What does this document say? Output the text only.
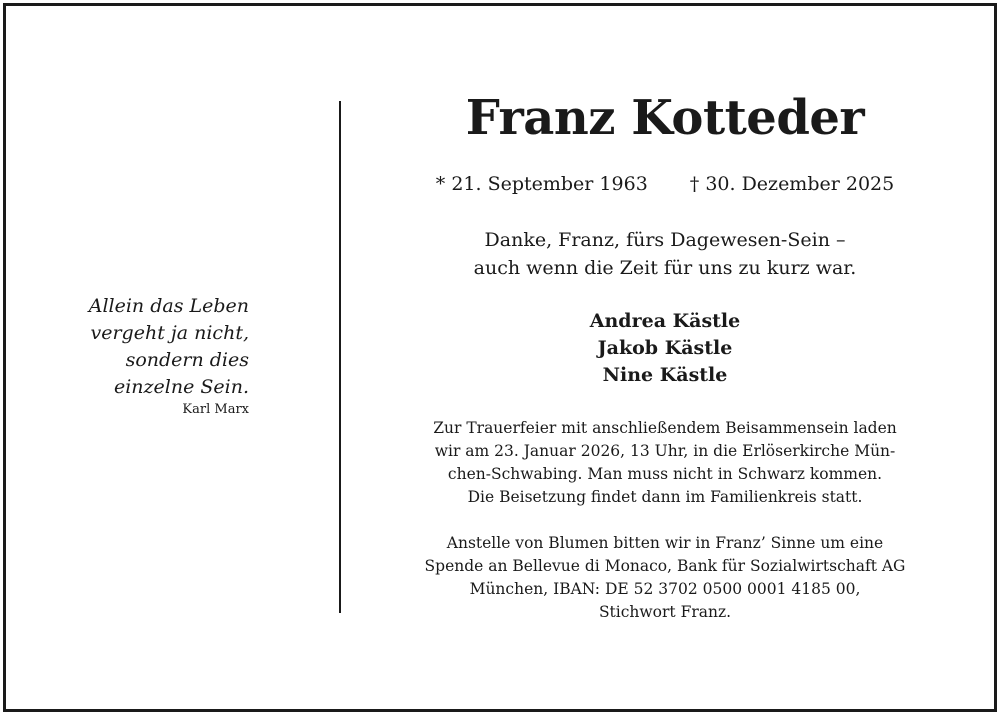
Allein das Leben

vergeht ja nicht,

sondern dies

einzelne Sein.

Karl Marx

Franz Kotteder
* 21. September 1963 † 30. Dezember 2025

Danke, Franz, fürs Dagewesen-Sein –

auch wenn die Zeit für uns zu kurz war.

Andrea Kästle

Jakob Kästle

Nine Kästle

Zur Trauerfeier mit anschließendem Beisammensein laden

wir am 23. Januar 2026, 13 Uhr, in die Erlöserkirche Mün-

chen-Schwabing. Man muss nicht in Schwarz kommen.

Die Beisetzung findet dann im Familienkreis statt.

Anstelle von Blumen bitten wir in Franz’ Sinne um eine

Spende an Bellevue di Monaco, Bank für Sozialwirtschaft AG

München, IBAN: DE 52 3702 0500 0001 4185 00,

Stichwort Franz.
